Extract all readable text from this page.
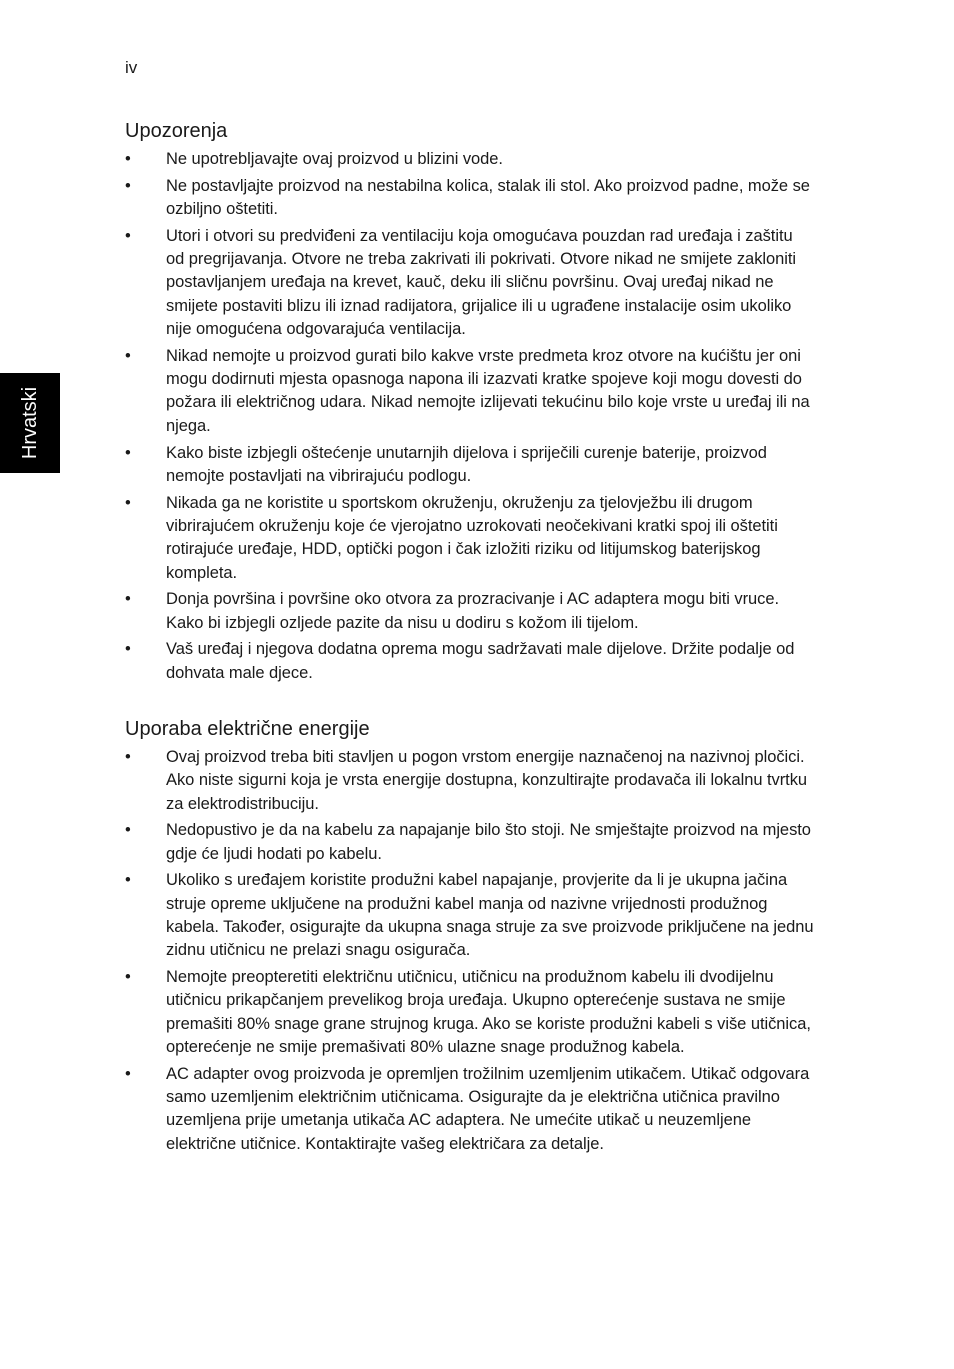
iv
Hrvatski
Upozorenja
• Ne upotrebljavajte ovaj proizvod u blizini vode.
• Ne postavljajte proizvod na nestabilna kolica, stalak ili stol. Ako proizvod padne, može se ozbiljno oštetiti.
• Utori i otvori su predviđeni za ventilaciju koja omogućava pouzdan rad uređaja i zaštitu od pregrijavanja. Otvore ne treba zakrivati ili pokrivati. Otvore nikad ne smijete zakloniti postavljanjem uređaja na krevet, kauč, deku ili sličnu površinu. Ovaj uređaj nikad ne smijete postaviti blizu ili iznad radijatora, grijalice ili u ugrađene instalacije osim ukoliko nije omogućena odgovarajuća ventilacija.
• Nikad nemojte u proizvod gurati bilo kakve vrste predmeta kroz otvore na kućištu jer oni mogu dodirnuti mjesta opasnoga napona ili izazvati kratke spojeve koji mogu dovesti do požara ili električnog udara. Nikad nemojte izlijevati tekućinu bilo koje vrste u uređaj ili na njega.
• Kako biste izbjegli oštećenje unutarnjih dijelova i spriječili curenje baterije, proizvod nemojte postavljati na vibrirajuću podlogu.
• Nikada ga ne koristite u sportskom okruženju, okruženju za tjelovježbu ili drugom vibrirajućem okruženju koje će vjerojatno uzrokovati neočekivani kratki spoj ili oštetiti rotirajuće uređaje, HDD, optički pogon i čak izložiti riziku od litijumskog baterijskog kompleta.
• Donja površina i površine oko otvora za prozracivanje i AC adaptera mogu biti vruce. Kako bi izbjegli ozljede pazite da nisu u dodiru s kožom ili tijelom.
• Vaš uređaj i njegova dodatna oprema mogu sadržavati male dijelove. Držite podalje od dohvata male djece.
Uporaba električne energije
• Ovaj proizvod treba biti stavljen u pogon vrstom energije naznačenoj na nazivnoj pločici. Ako niste sigurni koja je vrsta energije dostupna, konzultirajte prodavača ili lokalnu tvrtku za elektrodistribuciju.
• Nedopustivo je da na kabelu za napajanje bilo što stoji. Ne smještajte proizvod na mjesto gdje će ljudi hodati po kabelu.
• Ukoliko s uređajem koristite produžni kabel napajanje, provjerite da li je ukupna jačina struje opreme uključene na produžni kabel manja od nazivne vrijednosti produžnog kabela. Također, osigurajte da ukupna snaga struje za sve proizvode priključene na jednu zidnu utičnicu ne prelazi snagu osigurača.
• Nemojte preopteretiti električnu utičnicu, utičnicu na produžnom kabelu ili dvodijelnu utičnicu prikapčanjem prevelikog broja uređaja. Ukupno opterećenje sustava ne smije premašiti 80% snage grane strujnog kruga. Ako se koriste produžni kabeli s više utičnica, opterećenje ne smije premašivati 80% ulazne snage produžnog kabela.
• AC adapter ovog proizvoda je opremljen trožilnim uzemljenim utikačem. Utikač odgovara samo uzemljenim električnim utičnicama. Osigurajte da je električna utičnica pravilno uzemljena prije umetanja utikača AC adaptera. Ne umećite utikač u neuzemljene električne utičnice. Kontaktirajte vašeg električara za detalje.
